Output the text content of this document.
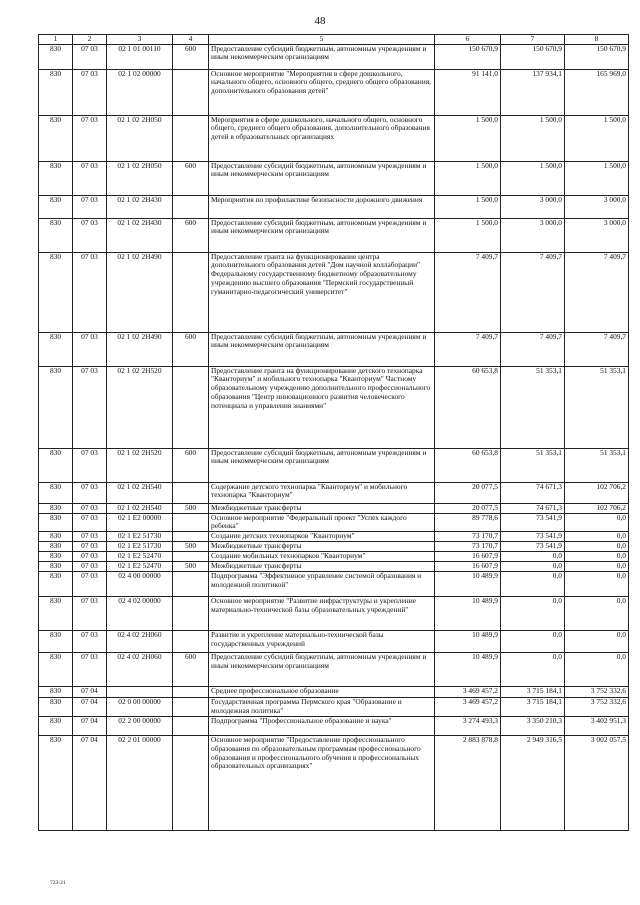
48
1	2	3	4	5	6	7	8
830	07 03	02 1 01 00110	600	Предоставление субсидий бюджетным, автономным учреждениям и иным некоммерческим организациям	150 670,9	150 670,9	150 670,9
830	07 03	02 1 02 00000		Основное мероприятие "Мероприятия в сфере дошкольного, начального общего, основного общего, среднего общего образования, дополнительного образования детей"	91 141,0	137 934,1	165 969,0
830	07 03	02 1 02 2Н050		Мероприятия в сфере дошкольного, начального общего, основного общего, среднего общего образования, дополнительного образования детей в образовательных организациях	1 500,0	1 500,0	1 500,0
830	07 03	02 1 02 2Н050	600	Предоставление субсидий бюджетным, автономным учреждениям и иным некоммерческим организациям	1 500,0	1 500,0	1 500,0
830	07 03	02 1 02 2Н430		Мероприятия по профилактике безопасности дорожного движения	1 500,0	3 000,0	3 000,0
830	07 03	02 1 02 2Н430	600	Предоставление субсидий бюджетным, автономным учреждениям и иным некоммерческим организациям	1 500,0	3 000,0	3 000,0
830	07 03	02 1 02 2Н490		Предоставление гранта на функционирование центра дополнительного образования детей "Дом научной коллаборации" Федеральному государственному бюджетному образовательному учреждению высшего образования "Пермский государственный гуманитарно-педагогический университет"	7 409,7	7 409,7	7 409,7
830	07 03	02 1 02 2Н490	600	Предоставление субсидий бюджетным, автономным учреждениям и иным некоммерческим организациям	7 409,7	7 409,7	7 409,7
830	07 03	02 1 02 2Н520		Предоставление гранта на функционирование детского технопарка "Кванториум" и мобильного технопарка "Кванториум" Частному образовательному учреждению дополнительного профессионального образования "Центр инновационного развития человеческого потенциала и управления знаниями"	60 653,8	51 353,1	51 353,1
830	07 03	02 1 02 2Н520	600	Предоставление субсидий бюджетным, автономным учреждениям и иным некоммерческим организациям	60 653,8	51 353,1	51 353,1
830	07 03	02 1 02 2Н540		Содержание детского технопарка "Кванториум" и мобильного технопарка "Кванториум"	20 077,5	74 671,3	102 706,2
830	07 03	02 1 02 2Н540	500	Межбюджетные трансферты	20 077,5	74 671,3	102 706,2
830	07 03	02 1 Е2 00000		Основное мероприятие "Федеральный проект "Успех каждого ребенка"	89 778,6	73 541,9	0,0
830	07 03	02 1 Е2 51730		Создание детских технопарков "Кванториум"	73 170,7	73 541,9	0,0
830	07 03	02 1 Е2 51730	500	Межбюджетные трансферты	73 170,7	73 541,9	0,0
830	07 03	02 1 Е2 52470		Создание мобильных технопарков "Кванториум"	16 607,9	0,0	0,0
830	07 03	02 1 Е2 52470	500	Межбюджетные трансферты	16 607,9	0,0	0,0
830	07 03	02 4 00 00000		Подпрограмма "Эффективное управление системой образования и молодежной политикой"	10 489,9	0,0	0,0
830	07 03	02 4 02 00000		Основное мероприятие "Развитие инфраструктуры и укрепление материально-технической базы образовательных учреждений"	10 489,9	0,0	0,0
830	07 03	02 4 02 2Н060		Развитие и укрепление материально-технической базы государственных учреждений	10 489,9	0,0	0,0
830	07 03	02 4 02 2Н060	600	Предоставление субсидий бюджетным, автономным учреждениям и иным некоммерческим организациям	10 489,9	0,0	0,0
830	07 04			Среднее профессиональное образование	3 469 457,2	3 715 184,1	3 752 332,6
830	07 04	02 0 00 00000		Государственная программа Пермского края "Образование и молодежная политика"	3 469 457,2	3 715 184,1	3 752 332,6
830	07 04	02 2 00 00000		Подпрограмма "Профессиональное образование и наука"	3 274 493,3	3 350 210,3	3 402 951,3
830	07 04	02 2 01 00000		Основное мероприятие "Предоставление профессионального образования по образовательным программам профессионального образования и профессионального обучения в профессиональных образовательных организациях"	2 883 878,8	2 949 316,5	3 002 057,5
723-21
